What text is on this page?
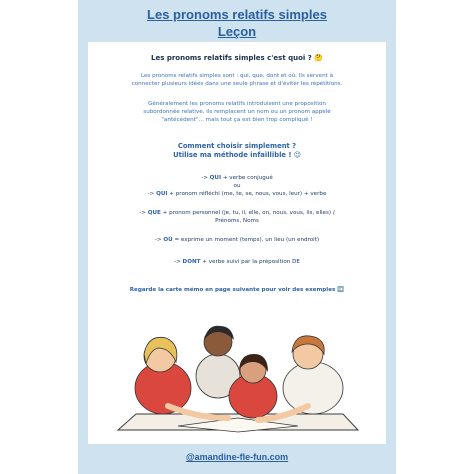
Les pronoms relatifs simples
Leçon
Les pronoms relatifs simples c'est quoi ? 🤔
Les pronoms relatifs simples sont : qui, que, dont et où. Ils servent à
connecter plusieurs idées dans une seule phrase et d'éviter les répétitions.
Généralement les pronoms relatifs introduisent une proposition
subordonnée relative, ils remplacent un nom ou un pronom appelé
"antécédent"... mais tout ça est bien trop compliqué !
Comment choisir simplement ?
Utilise ma méthode infaillible ! 😉
-> QUI + verbe conjugué
ou
-> QUI + pronom réfléchi (me, te, se, nous, vous, leur) + verbe
-> QUE + pronom personnel (je, tu, il, elle, on, nous, vous, ils, elles) /
Prénoms, Noms
-> OÙ = exprime un moment (temps), un lieu (un endroit)
-> DONT + verbe suivi par la préposition DE
Regarde la carte mémo en page suivante pour voir des exemples ➡️
@amandine-fle-fun.com
